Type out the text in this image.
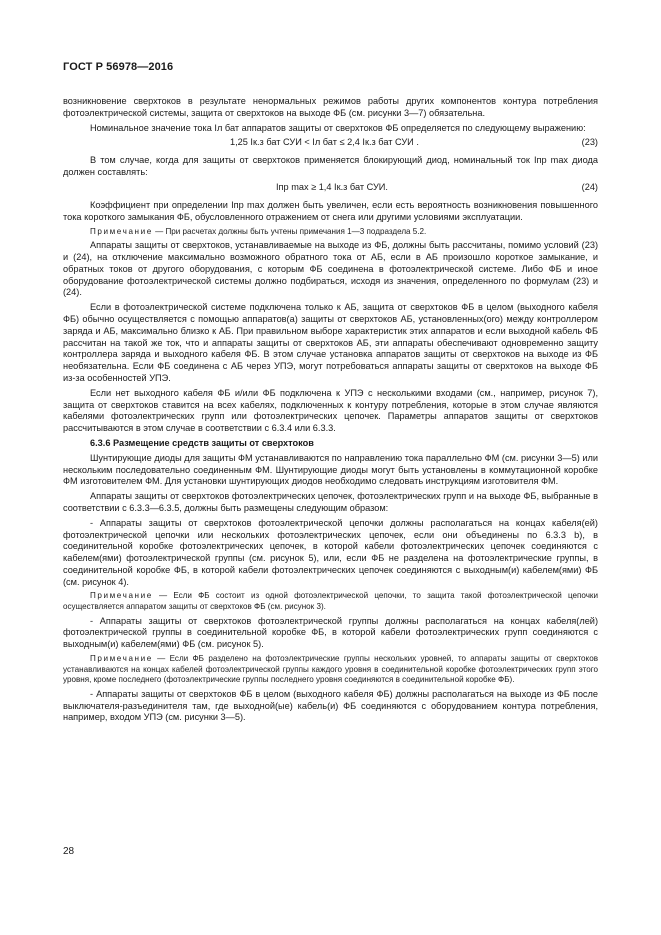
ГОСТ Р 56978—2016

возникновение сверхтоков в результате ненормальных режимов работы других компонентов контура потребления фотоэлектрической системы, защита от сверхтоков на выходе ФБ (см. рисунки 3—7) обязательна.

Номинальное значение тока Iл бат аппаратов защиты от сверхтоков ФБ определяется по следующему выражению:

1,25 Iк.з бат СУИ < Iл бат ≤ 2,4 Iк.з бат СУИ .	(23)

В том случае, когда для защиты от сверхтоков применяется блокирующий диод, номинальный ток Iпр max диода должен составлять:

Iпр max ≥ 1,4 Iк.з бат СУИ.	(24)

Коэффициент при определении Iпр max должен быть увеличен, если есть вероятность возникновения повышенного тока короткого замыкания ФБ, обусловленного отражением от снега или другими условиями эксплуатации.

Примечание — При расчетах должны быть учтены примечания 1—3 подраздела 5.2.

Аппараты защиты от сверхтоков, устанавливаемые на выходе из ФБ, должны быть рассчитаны, помимо условий (23) и (24), на отключение максимально возможного обратного тока от АБ, если в АБ произошло короткое замыкание, и обратных токов от другого оборудования, с которым ФБ соединена в фотоэлектрической системе. Либо ФБ и иное оборудование фотоэлектрической системы должно подбираться, исходя из значения, определенного по формулам (23) и (24).

Если в фотоэлектрической системе подключена только к АБ, защита от сверхтоков ФБ в целом (выходного кабеля ФБ) обычно осуществляется с помощью аппаратов(а) защиты от сверхтоков АБ, установленных(ого) между контроллером заряда и АБ, максимально близко к АБ. При правильном выборе характеристик этих аппаратов и если выходной кабель ФБ рассчитан на такой же ток, что и аппараты защиты от сверхтоков АБ, эти аппараты обеспечивают одновременно защиту контроллера заряда и выходного кабеля ФБ. В этом случае установка аппаратов защиты от сверхтоков на выходе из ФБ необязательна. Если ФБ соединена с АБ через УПЭ, могут потребоваться аппараты защиты от сверхтоков на выходе ФБ из-за особенностей УПЭ.

Если нет выходного кабеля ФБ и/или ФБ подключена к УПЭ с несколькими входами (см., например, рисунок 7), защита от сверхтоков ставится на всех кабелях, подключенных к контуру потребления, которые в этом случае являются кабелями фотоэлектрических групп или фотоэлектрических цепочек. Параметры аппаратов защиты от сверхтоков рассчитываются в этом случае в соответствии с 6.3.4 или 6.3.3.

6.3.6 Размещение средств защиты от сверхтоков

Шунтирующие диоды для защиты ФМ устанавливаются по направлению тока параллельно ФМ (см. рисунки 3—5) или нескольким последовательно соединенным ФМ. Шунтирующие диоды могут быть установлены в коммутационной коробке ФМ изготовителем ФМ. Для установки шунтирующих диодов необходимо следовать инструкциям изготовителя ФМ.

Аппараты защиты от сверхтоков фотоэлектрических цепочек, фотоэлектрических групп и на выходе ФБ, выбранные в соответствии с 6.3.3—6.3.5, должны быть размещены следующим образом:

- Аппараты защиты от сверхтоков фотоэлектрической цепочки должны располагаться на концах кабеля(ей) фотоэлектрической цепочки или нескольких фотоэлектрических цепочек, если они объединены по 6.3.3 b), в соединительной коробке фотоэлектрических цепочек, в которой кабели фотоэлектрических цепочек соединяются с кабелем(ями) фотоэлектрической группы (см. рисунок 5), или, если ФБ не разделена на фотоэлектрические группы, в соединительной коробке ФБ, в которой кабели фотоэлектрических цепочек соединяются с выходным(и) кабелем(ями) ФБ (см. рисунок 4).

Примечание — Если ФБ состоит из одной фотоэлектрической цепочки, то защита такой фотоэлектрической цепочки осуществляется аппаратом защиты от сверхтоков ФБ (см. рисунок 3).

- Аппараты защиты от сверхтоков фотоэлектрической группы должны располагаться на концах кабеля(лей) фотоэлектрической группы в соединительной коробке ФБ, в которой кабели фотоэлектрических групп соединяются с выходным(и) кабелем(ями) ФБ (см. рисунок 5).

Примечание — Если ФБ разделено на фотоэлектрические группы нескольких уровней, то аппараты защиты от сверхтоков устанавливаются на концах кабелей фотоэлектрической группы каждого уровня в соединительной коробке фотоэлектрических групп этого уровня, кроме последнего (фотоэлектрические группы последнего уровня соединяются в соединительной коробке ФБ).

- Аппараты защиты от сверхтоков ФБ в целом (выходного кабеля ФБ) должны располагаться на выходе из ФБ после выключателя-разъединителя там, где выходной(ые) кабель(и) ФБ соединяются с оборудованием контура потребления, например, входом УПЭ (см. рисунки 3—5).

28
